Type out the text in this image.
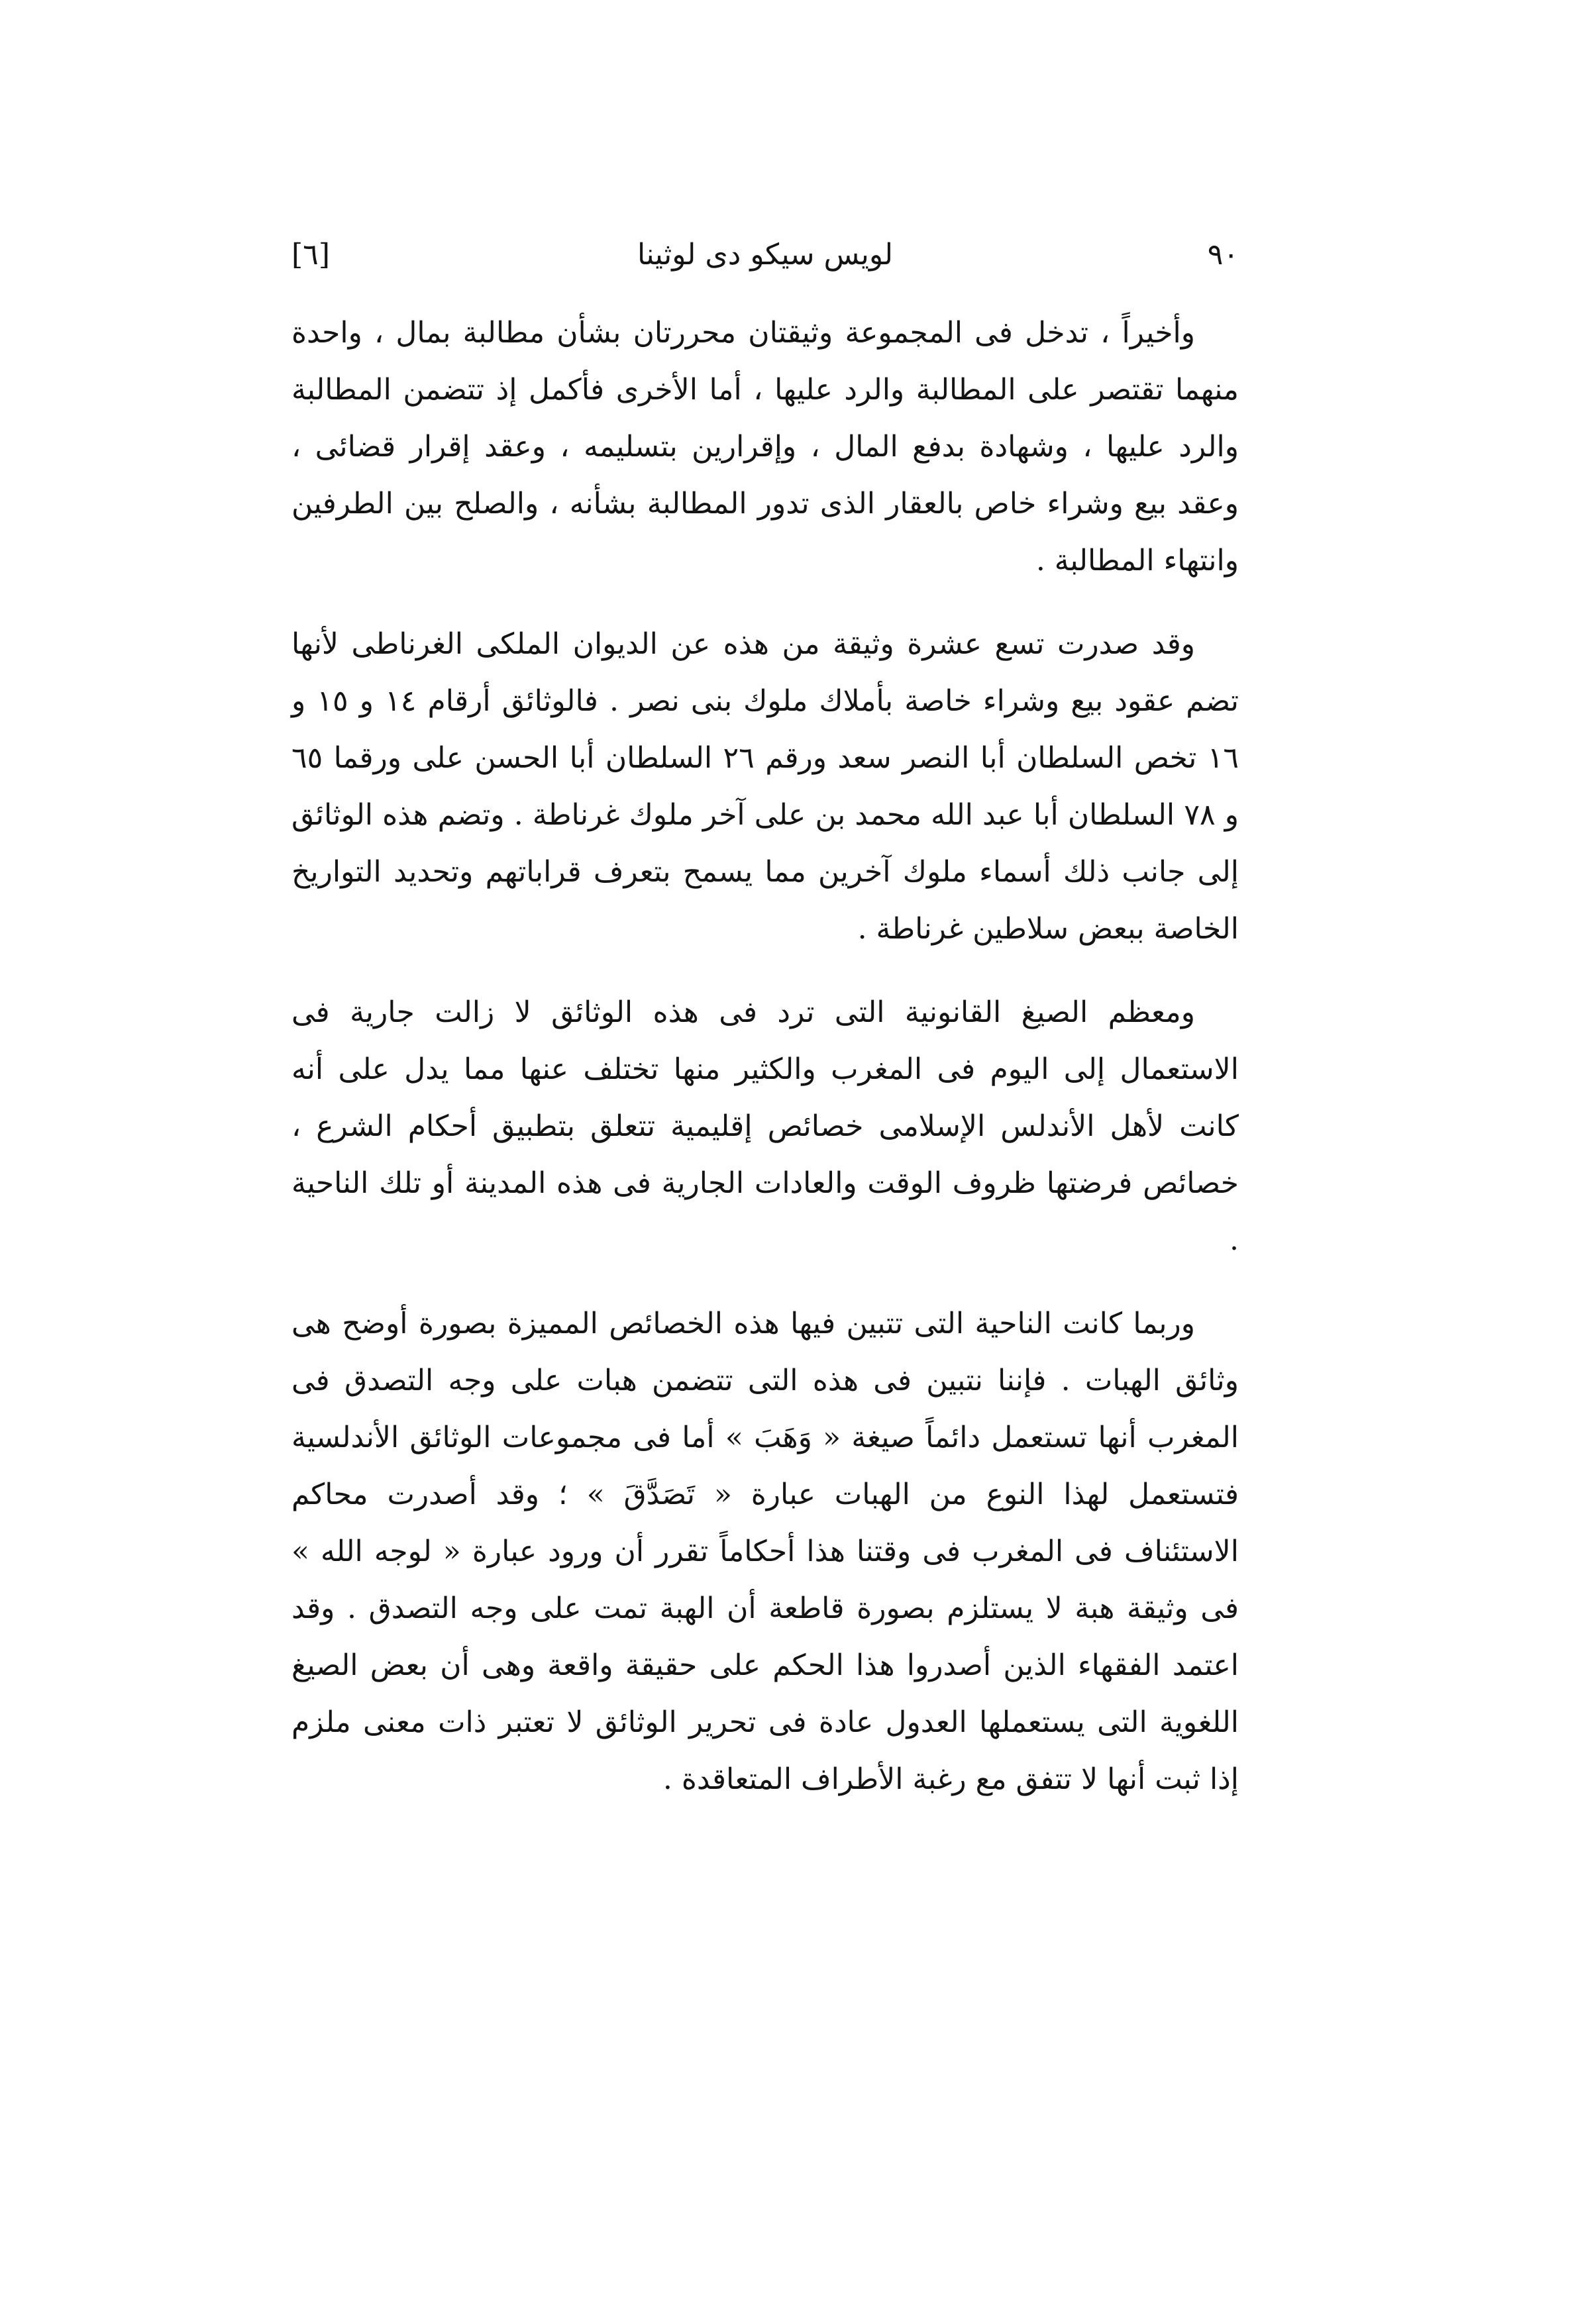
[٦]	لويس سيكو دى لوثينا	٩٠

وأخيراً ، تدخل فى المجموعة وثيقتان محررتان بشأن مطالبة بمال ، واحدة منهما تقتصر على المطالبة والرد عليها ، أما الأخرى فأكمل إذ تتضمن المطالبة والرد عليها ، وشهادة بدفع المال ، وإقرارين بتسليمه ، وعقد إقرار قضائى ، وعقد بيع وشراء خاص بالعقار الذى تدور المطالبة بشأنه ، والصلح بين الطرفين وانتهاء المطالبة .

وقد صدرت تسع عشرة وثيقة من هذه عن الديوان الملكى الغرناطى لأنها تضم عقود بيع وشراء خاصة بأملاك ملوك بنى نصر . فالوثائق أرقام ١٤ و ١٥ و ١٦ تخص السلطان أبا النصر سعد ورقم ٢٦ السلطان أبا الحسن على ورقما ٦٥ و ٧٨ السلطان أبا عبد الله محمد بن على آخر ملوك غرناطة . وتضم هذه الوثائق إلى جانب ذلك أسماء ملوك آخرين مما يسمح بتعرف قراباتهم وتحديد التواريخ الخاصة ببعض سلاطين غرناطة .

ومعظم الصيغ القانونية التى ترد فى هذه الوثائق لا زالت جارية فى الاستعمال إلى اليوم فى المغرب والكثير منها تختلف عنها مما يدل على أنه كانت لأهل الأندلس الإسلامى خصائص إقليمية تتعلق بتطبيق أحكام الشرع ، خصائص فرضتها ظروف الوقت والعادات الجارية فى هذه المدينة أو تلك الناحية .

وربما كانت الناحية التى تتبين فيها هذه الخصائص المميزة بصورة أوضح هى وثائق الهبات . فإننا نتبين فى هذه التى تتضمن هبات على وجه التصدق فى المغرب أنها تستعمل دائماً صيغة « وَهَبَ » أما فى مجموعات الوثائق الأندلسية فتستعمل لهذا النوع من الهبات عبارة « تَصَدَّقَ » ؛ وقد أصدرت محاكم الاستئناف فى المغرب فى وقتنا هذا أحكاماً تقرر أن ورود عبارة « لوجه الله » فى وثيقة هبة لا يستلزم بصورة قاطعة أن الهبة تمت على وجه التصدق . وقد اعتمد الفقهاء الذين أصدروا هذا الحكم على حقيقة واقعة وهى أن بعض الصيغ اللغوية التى يستعملها العدول عادة فى تحرير الوثائق لا تعتبر ذات معنى ملزم إذا ثبت أنها لا تتفق مع رغبة الأطراف المتعاقدة .
